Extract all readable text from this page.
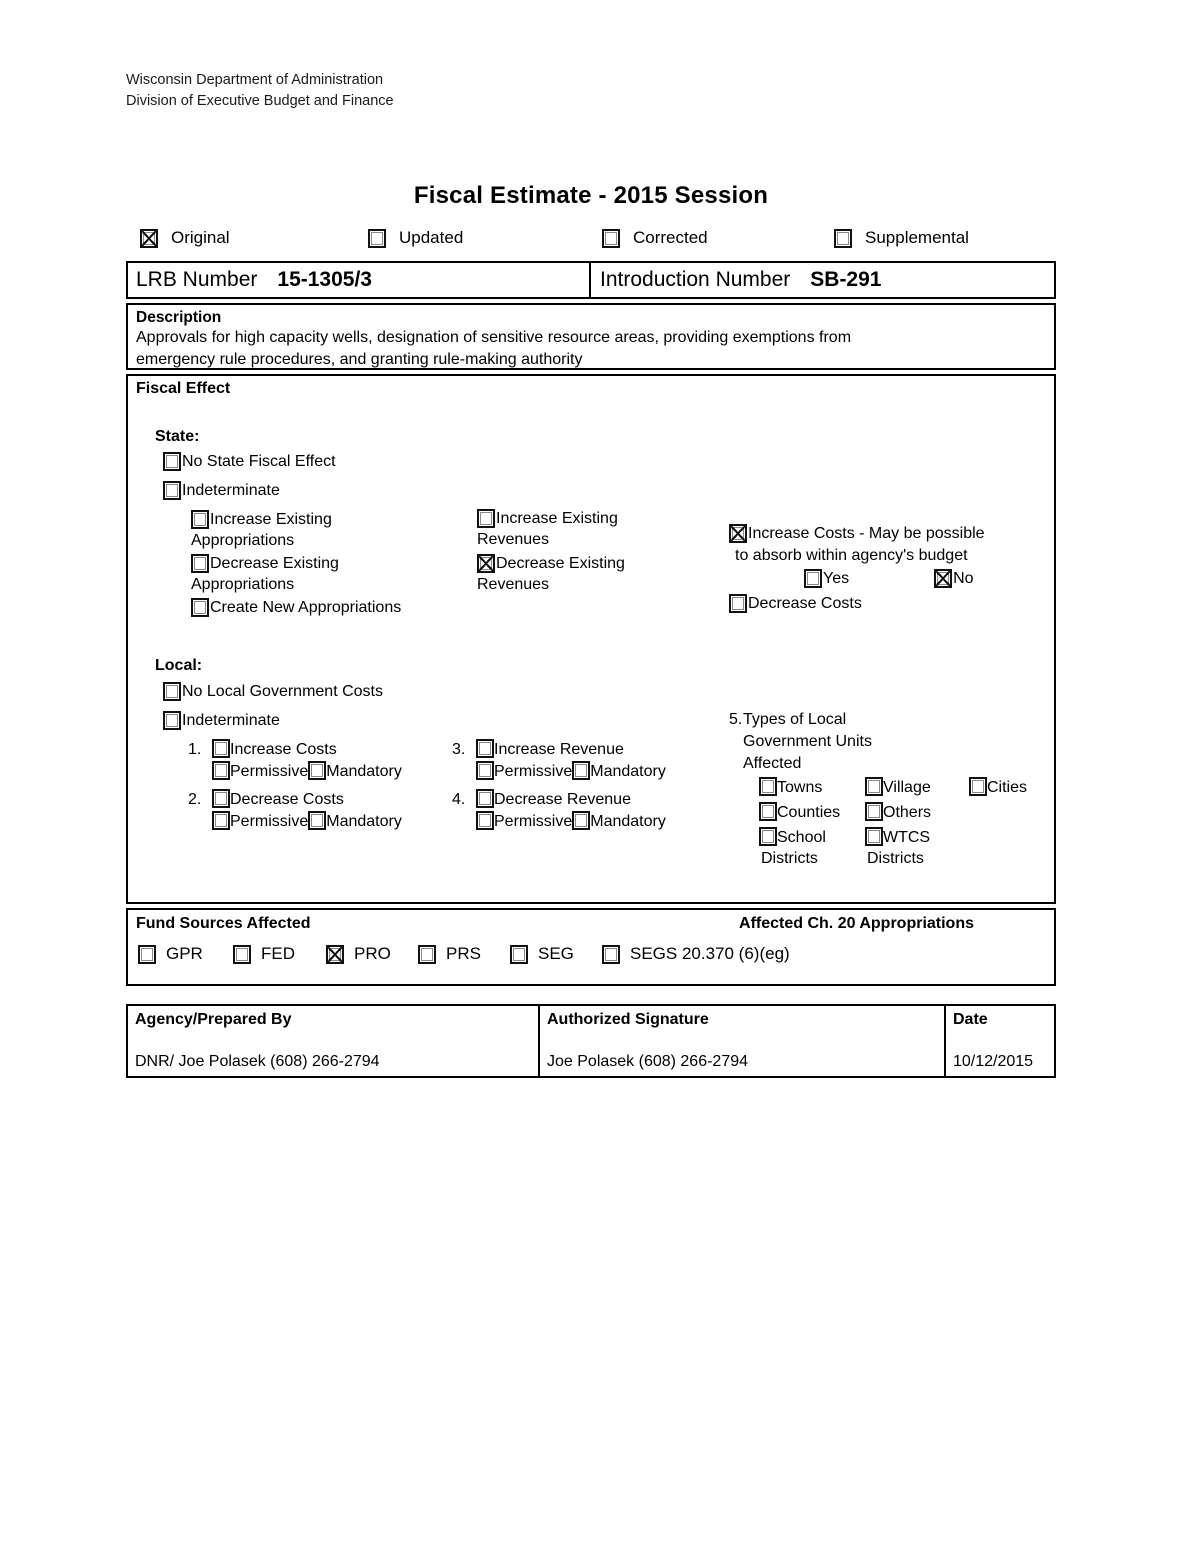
Wisconsin Department of Administration
Division of Executive Budget and Finance
Fiscal Estimate - 2015 Session
Original	Updated	Corrected	Supplemental
LRB Number 15-1305/3	Introduction Number SB-291
Description
Approvals for high capacity wells, designation of sensitive resource areas, providing exemptions from
emergency rule procedures, and granting rule-making authority
Fiscal Effect
State:
No State Fiscal Effect
Indeterminate
Increase Existing
Appropriations
Decrease Existing
Appropriations
Create New Appropriations
Increase Existing
Revenues
Decrease Existing
Revenues
Increase Costs - May be possible
to absorb within agency's budget
Yes	No
Decrease Costs
Local:
No Local Government Costs
Indeterminate
1.	Increase Costs
Permissive Mandatory
2.	Decrease Costs
Permissive Mandatory
3.	Increase Revenue
Permissive Mandatory
4.	Decrease Revenue
Permissive Mandatory
5. Types of Local
Government Units
Affected
Towns	Village	Cities
Counties	Others
School
Districts
WTCS
Districts
Fund Sources Affected	Affected Ch. 20 Appropriations
GPR	FED	PRO	PRS	SEG	SEGS 20.370 (6)(eg)
Agency/Prepared By
DNR/ Joe Polasek (608) 266-2794
Authorized Signature
Joe Polasek (608) 266-2794
Date
10/12/2015
